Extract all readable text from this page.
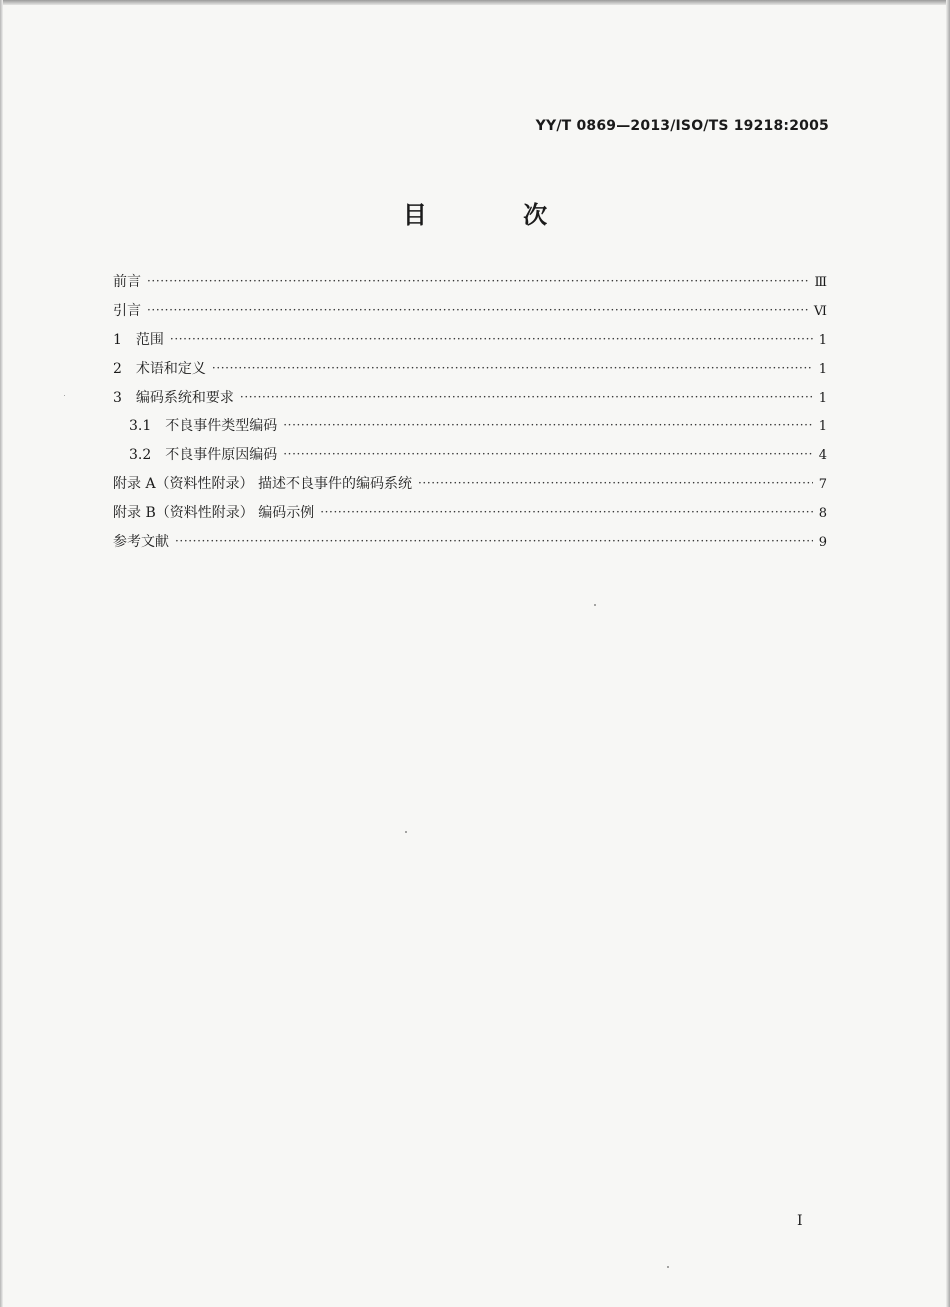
YY/T 0869—2013/ISO/TS 19218:2005
目 次
前言 ·····	Ⅲ
引言 ·····	Ⅵ
1 范围 ·····	1
2 术语和定义 ·····	1
3 编码系统和要求 ·····	1
3.1 不良事件类型编码 ·····	1
3.2 不良事件原因编码 ·····	4
附录 A（资料性附录） 描述不良事件的编码系统 ·····	7
附录 B（资料性附录） 编码示例 ·····	8
参考文献 ·····	9
I
